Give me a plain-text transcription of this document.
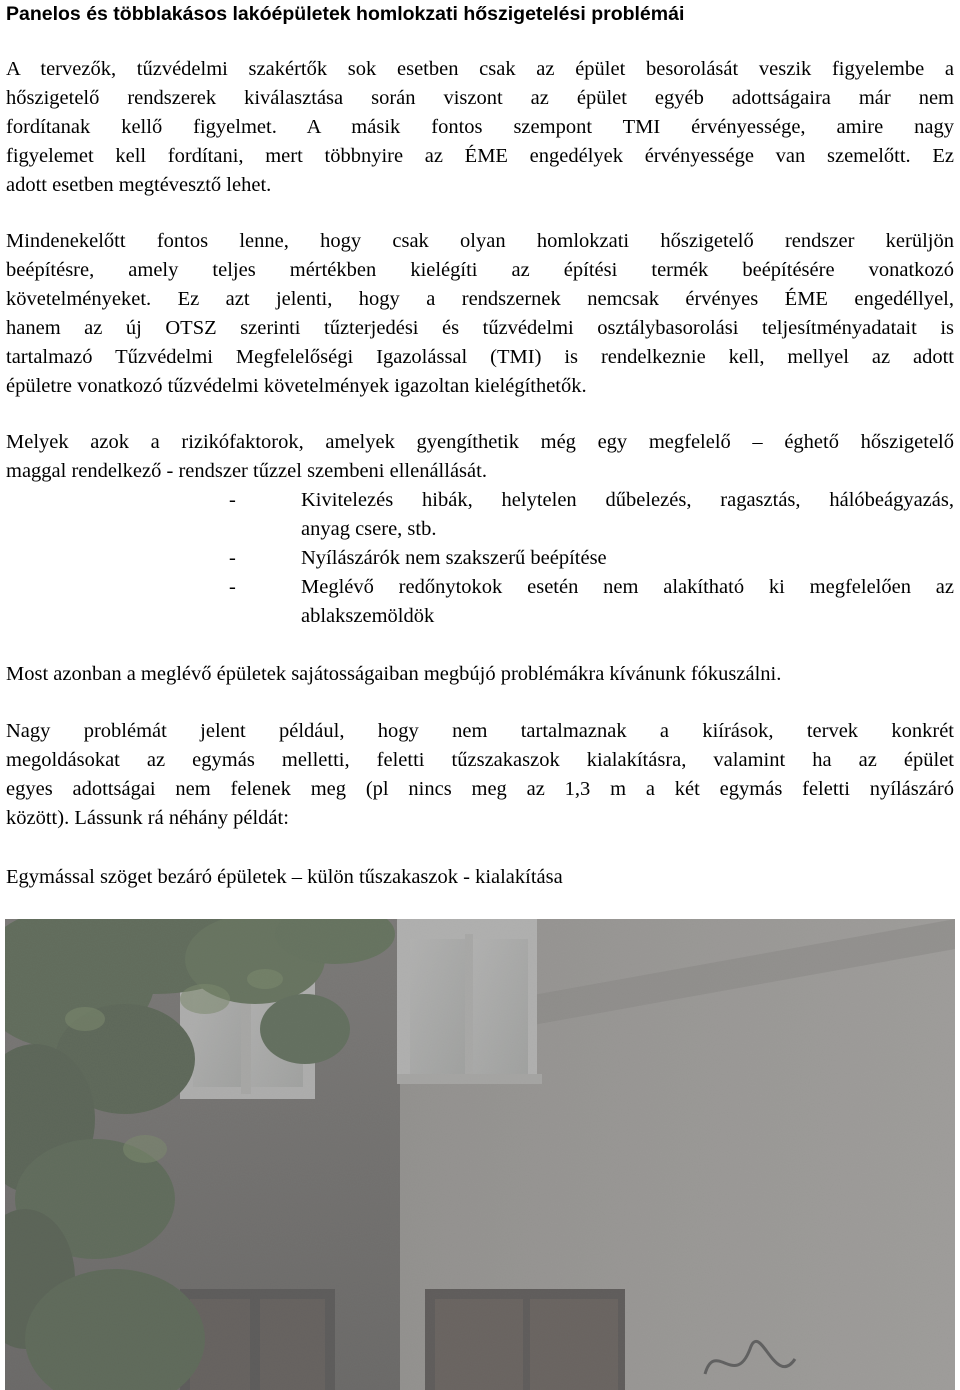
Panelos és többlakásos lakóépületek homlokzati hőszigetelési problémái
A tervezők, tűzvédelmi szakértők sok esetben csak az épület besorolását veszik figyelembe a
hőszigetelő rendszerek kiválasztása során viszont az épület egyéb adottságaira már nem
fordítanak kellő figyelmet. A másik fontos szempont TMI érvényessége, amire nagy
figyelemet kell fordítani, mert többnyire az ÉME engedélyek érvényessége van szemelőtt. Ez
adott esetben megtévesztő lehet.
Mindenekelőtt fontos lenne, hogy csak olyan homlokzati hőszigetelő rendszer kerüljön
beépítésre, amely teljes mértékben kielégíti az építési termék beépítésére vonatkozó
követelményeket. Ez azt jelenti, hogy a rendszernek nemcsak érvényes ÉME engedéllyel,
hanem az új OTSZ szerinti tűzterjedési és tűzvédelmi osztálybasorolási teljesítményadatait is
tartalmazó Tűzvédelmi Megfelelőségi Igazolással (TMI) is rendelkeznie kell, mellyel az adott
épületre vonatkozó tűzvédelmi követelmények igazoltan kielégíthetők.
Melyek azok a rizikófaktorok, amelyek gyengíthetik még egy megfelelő – éghető hőszigetelő
maggal rendelkező - rendszer tűzzel szembeni ellenállását.
-	Kivitelezés hibák, helytelen dűbelezés, ragasztás, hálóbeágyazás,
anyag csere, stb.
-	Nyílászárók nem szakszerű beépítése
-	Meglévő redőnytokok esetén nem alakítható ki megfelelően az
ablakszemöldök
Most azonban a meglévő épületek sajátosságaiban megbújó problémákra kívánunk fókuszálni.
Nagy problémát jelent például, hogy nem tartalmaznak a kiírások, tervek konkrét
megoldásokat az egymás melletti, feletti tűzszakaszok kialakításra, valamint ha az épület
egyes adottságai nem felenek meg (pl nincs meg az 1,3 m a két egymás feletti nyílászáró
között). Lássunk rá néhány példát:
Egymással szöget bezáró épületek – külön tűszakaszok - kialakítása
